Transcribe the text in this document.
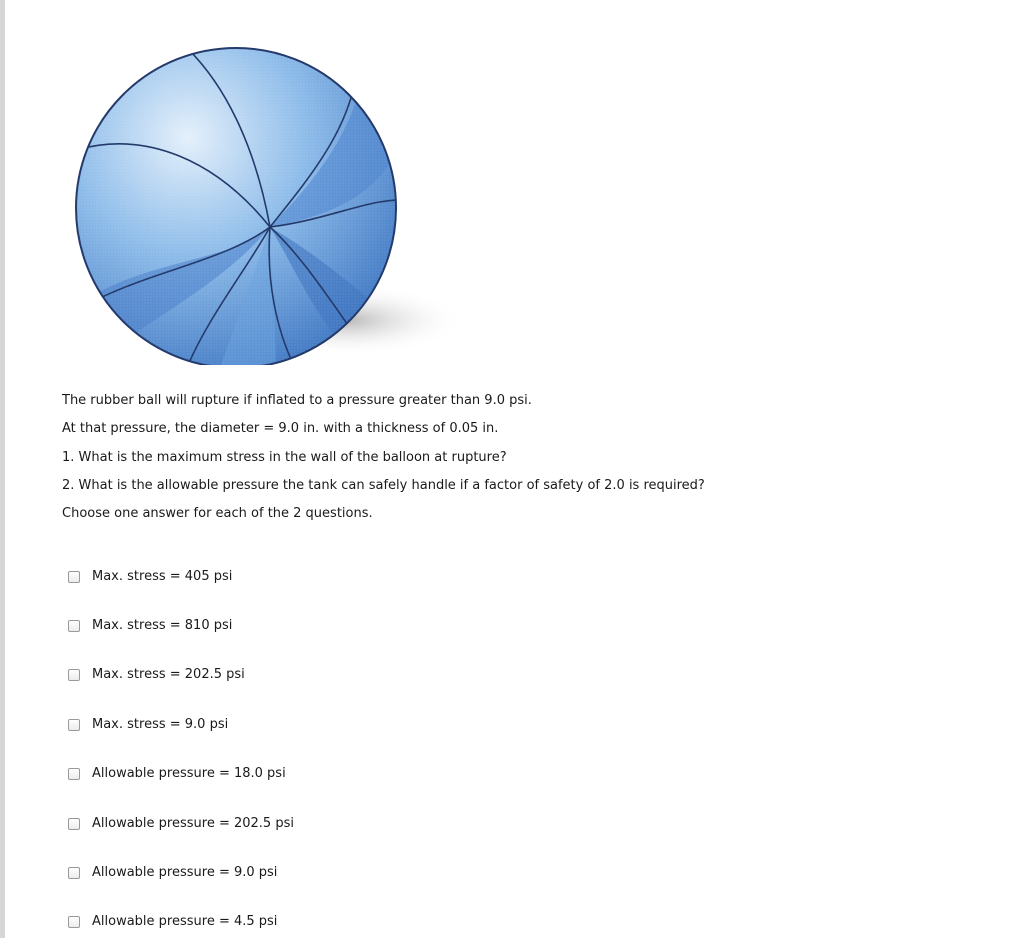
The rubber ball will rupture if inflated to a pressure greater than 9.0 psi.

At that pressure, the diameter = 9.0 in. with a thickness of 0.05 in.

1. What is the maximum stress in the wall of the balloon at rupture?

2. What is the allowable pressure the tank can safely handle if a factor of safety of 2.0 is required?

Choose one answer for each of the 2 questions.

Max. stress = 405 psi
Max. stress = 810 psi
Max. stress = 202.5 psi
Max. stress = 9.0 psi
Allowable pressure = 18.0 psi
Allowable pressure = 202.5 psi
Allowable pressure = 9.0 psi
Allowable pressure = 4.5 psi
